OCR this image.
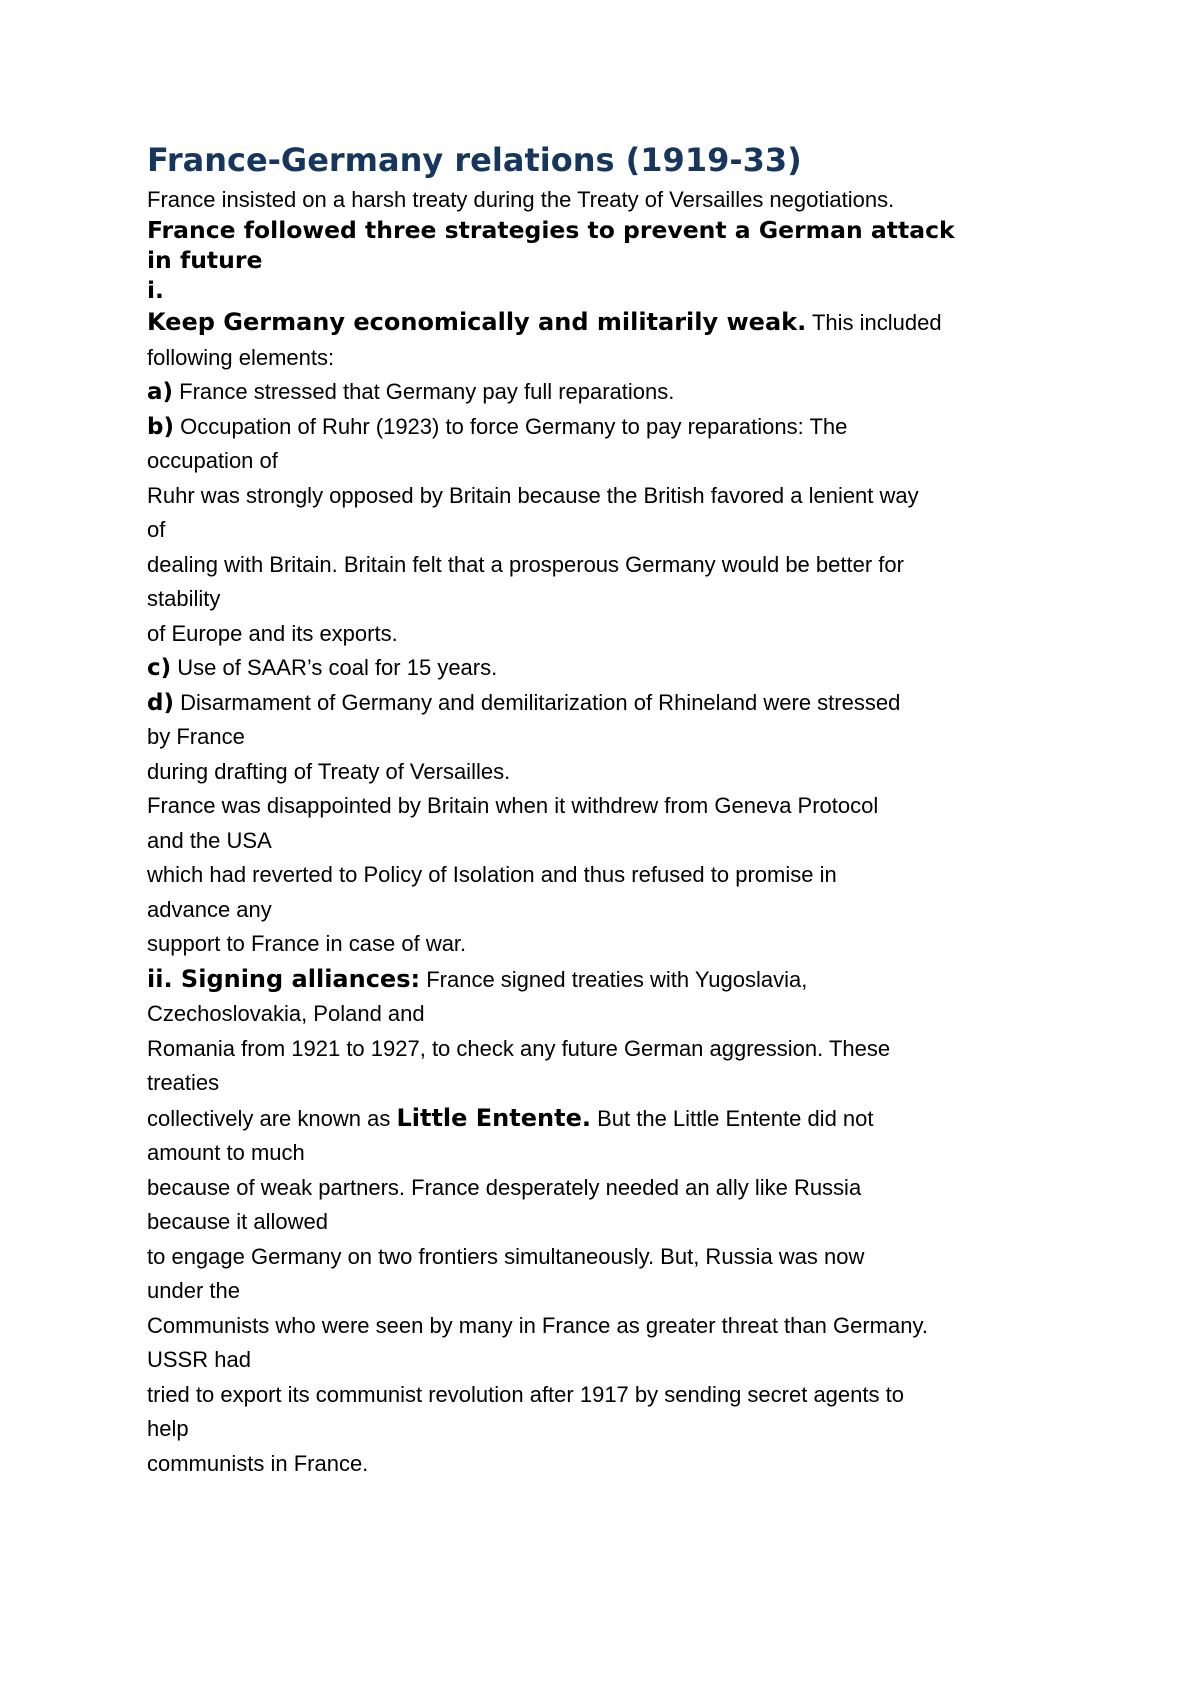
France-Germany relations (1919-33)
France insisted on a harsh treaty during the Treaty of Versailles negotiations.
France followed three strategies to prevent a German attack
in future
i.
Keep Germany economically and militarily weak. This included
following elements:
a) France stressed that Germany pay full reparations.
b) Occupation of Ruhr (1923) to force Germany to pay reparations: The
occupation of
Ruhr was strongly opposed by Britain because the British favored a lenient way
of
dealing with Britain. Britain felt that a prosperous Germany would be better for
stability
of Europe and its exports.
c) Use of SAAR’s coal for 15 years.
d) Disarmament of Germany and demilitarization of Rhineland were stressed
by France
during drafting of Treaty of Versailles.
France was disappointed by Britain when it withdrew from Geneva Protocol
and the USA
which had reverted to Policy of Isolation and thus refused to promise in
advance any
support to France in case of war.
ii. Signing alliances: France signed treaties with Yugoslavia,
Czechoslovakia, Poland and
Romania from 1921 to 1927, to check any future German aggression. These
treaties
collectively are known as Little Entente. But the Little Entente did not
amount to much
because of weak partners. France desperately needed an ally like Russia
because it allowed
to engage Germany on two frontiers simultaneously. But, Russia was now
under the
Communists who were seen by many in France as greater threat than Germany.
USSR had
tried to export its communist revolution after 1917 by sending secret agents to
help
communists in France.
